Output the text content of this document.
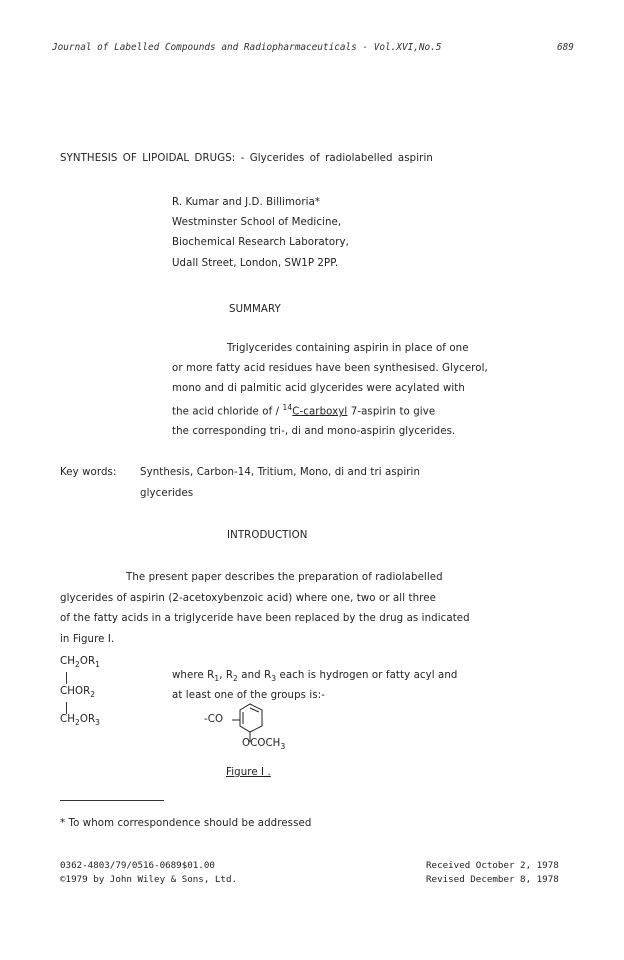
Journal of Labelled Compounds and Radiopharmaceuticals - Vol.XVI,No.5	689
SYNTHESIS OF LIPOIDAL DRUGS: - Glycerides of radiolabelled aspirin
R. Kumar and J.D. Billimoria*
Westminster School of Medicine,
Biochemical Research Laboratory,
Udall Street, London, SW1P 2PP.
SUMMARY
Triglycerides containing aspirin in place of one
or more fatty acid residues have been synthesised. Glycerol,
mono and di palmitic acid glycerides were acylated with
the acid chloride of / $^{14}$C-carboxyl 7-aspirin to give
the corresponding tri-, di and mono-aspirin glycerides.
Key words: Synthesis, Carbon-14, Tritium, Mono, di and tri aspirin
glycerides
INTRODUCTION
The present paper describes the preparation of radiolabelled
glycerides of aspirin (2-acetoxybenzoic acid) where one, two or all three
of the fatty acids in a triglyceride have been replaced by the drug as indicated
in Figure I.
$CH_2OR_1$
$CHOR_2$
$CH_2OR_3$
where $R_1$, $R_2$ and $R_3$ each is hydrogen or fatty acyl and
at least one of the groups is:-
-CO
$OCOCH_3$
Figure I .
* To whom correspondence should be addressed
0362-4803/79/0516-0689$01.00
©1979 by John Wiley & Sons, Ltd.
Received October 2, 1978
Revised December 8, 1978
